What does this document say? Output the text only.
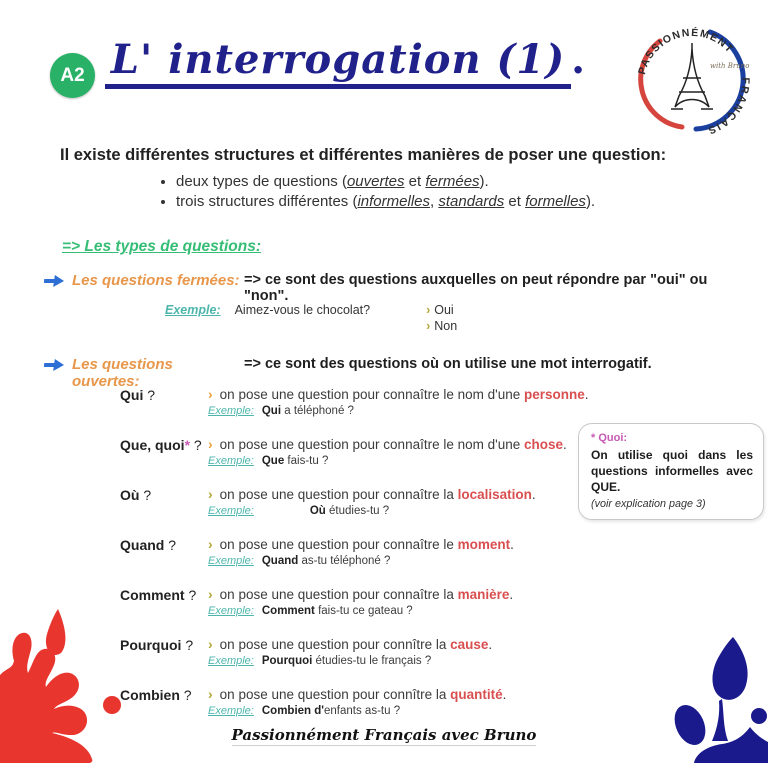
A2 L' interrogation (1) .	PASSIONNÉMENT
FRANÇAIS
with Bruno
Il existe différentes structures et différentes manières de poser une question:
• deux types de questions (ouvertes et fermées).
• trois structures différentes (informelles, standards et formelles).
=> Les types de questions:
Les questions fermées: => ce sont des questions auxquelles on peut répondre par "oui" ou "non".
Exemple: Aimez-vous le chocolat?	› Oui
› Non
Les questions ouvertes:
=> ce sont des questions où on utilise une mot interrogatif.
Qui ?	› on pose une question pour connaître le nom d'une personne.
Exemple: Qui a téléphoné ?
Que, quoi* ? › on pose une question pour connaître le nom d'une chose.
Exemple: Que fais-tu ?
Où ?	› on pose une question pour connaître la localisation.
Exemple:	Où étudies-tu ?
Quand ?	› on pose une question pour connaître le moment.
Exemple: Quand as-tu téléphoné ?
Comment ? › on pose une question pour connaître la manière.
Exemple: Comment fais-tu ce gateau ?
Pourquoi ?	› on pose une question pour connître la cause.
Exemple: Pourquoi étudies-tu le français ?
Combien ?	› on pose une question pour connître la quantité.
Exemple: Combien d'enfants as-tu ?
* Quoi:
On utilise quoi dans les questions informelles avec QUE.
(voir explication page 3)
Passionnément Français avec Bruno
